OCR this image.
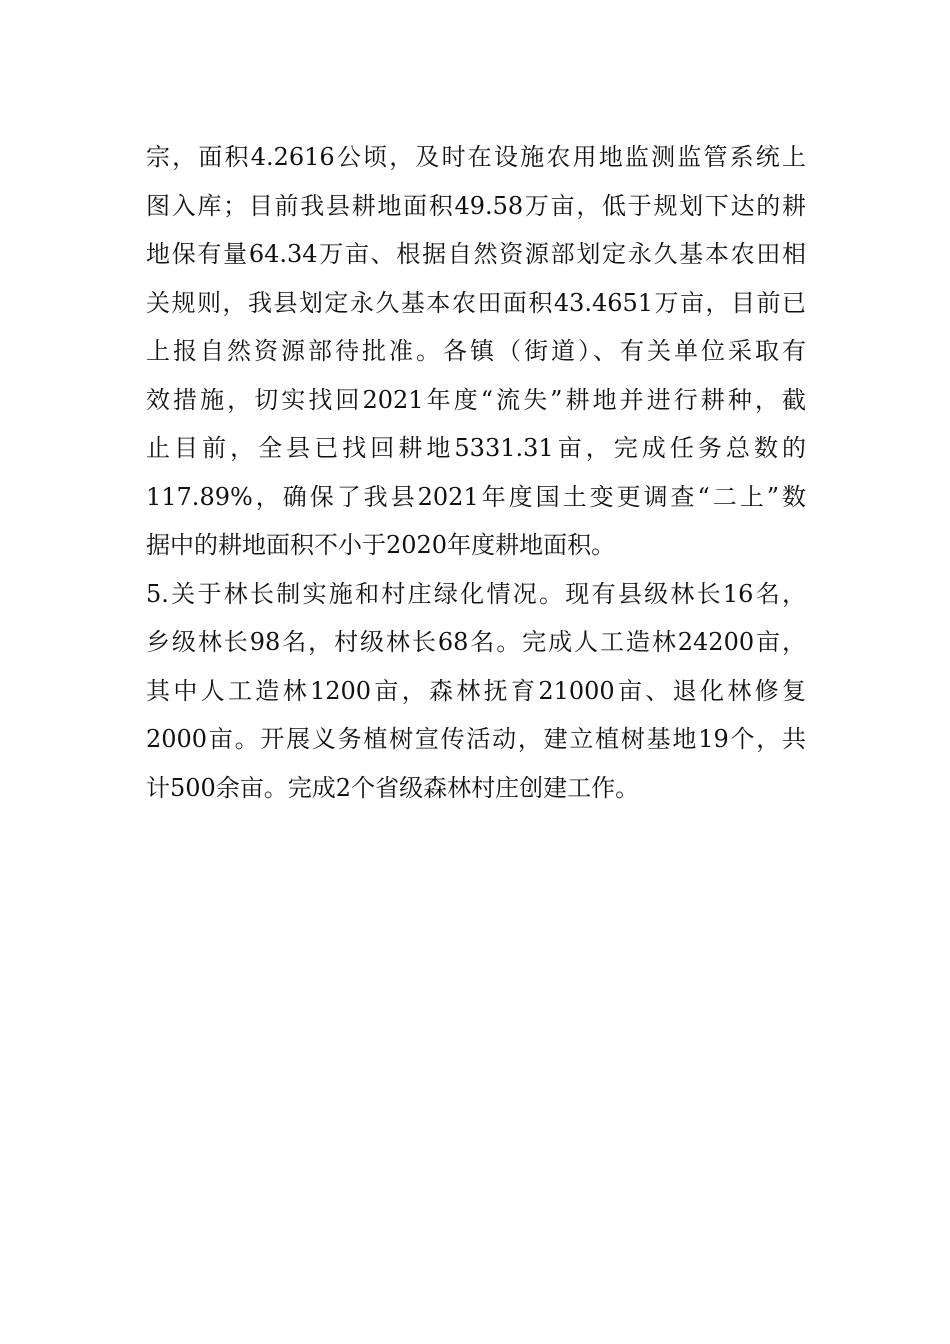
宗，面积4.2616公顷，及时在设施农用地监测监管系统上
图入库；目前我县耕地面积49.58万亩，低于规划下达的耕
地保有量64.34万亩、根据自然资源部划定永久基本农田相
关规则，我县划定永久基本农田面积43.4651万亩，目前已
上报自然资源部待批准。各镇（街道）、有关单位采取有
效措施，切实找回2021年度“流失”耕地并进行耕种，截
止目前，全县已找回耕地5331.31亩，完成任务总数的
117.89%，确保了我县2021年度国土变更调查“二上”数
据中的耕地面积不小于2020年度耕地面积。
5.关于林长制实施和村庄绿化情况。现有县级林长16名，
乡级林长98名，村级林长68名。完成人工造林24200亩，
其中人工造林1200亩，森林抚育21000亩、退化林修复
2000亩。开展义务植树宣传活动，建立植树基地19个，共
计500余亩。完成2个省级森林村庄创建工作。
